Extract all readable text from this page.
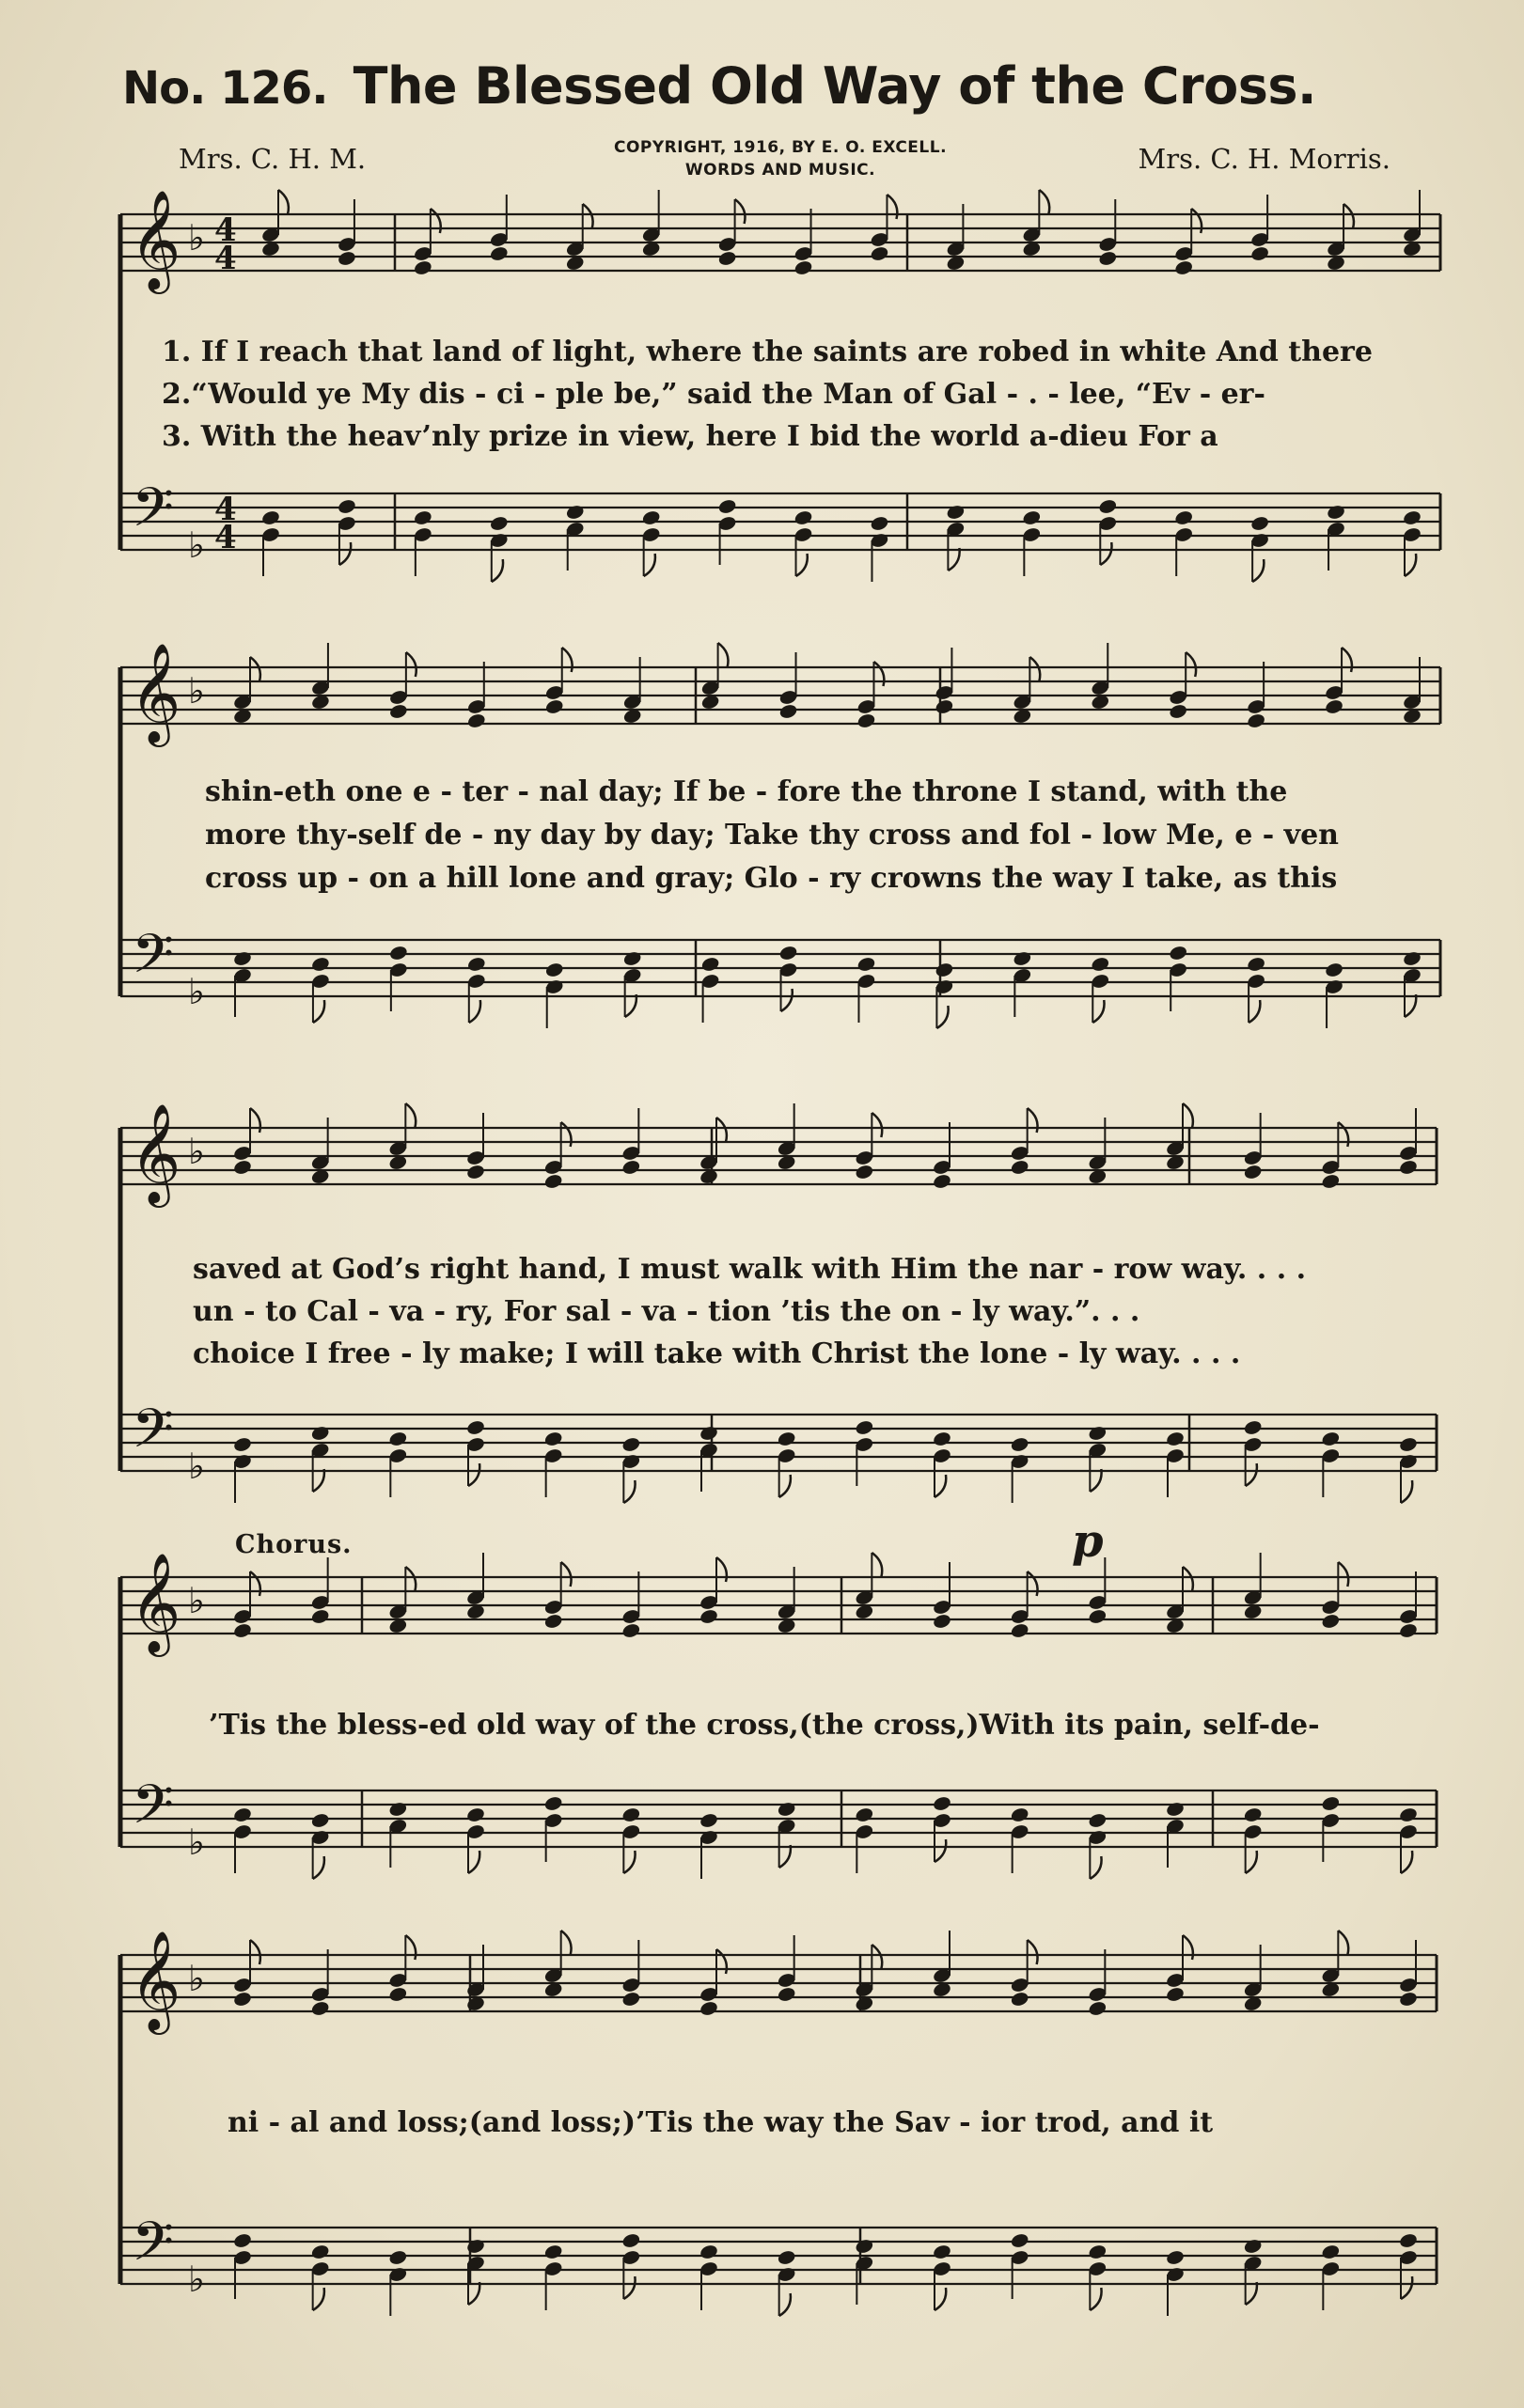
No. 126. The Blessed Old Way of the Cross.
Mrs. C. H. M.	COPYRIGHT, 1916, BY E. O. EXCELL.
WORDS AND MUSIC.	Mrs. C. H. Morris.
𝄞
𝄢
♭
♭
4
4
4
4
𝄞
𝄢
♭
♭
𝄞
𝄢
♭
♭
𝄞
𝄢
♭
♭
𝄞
𝄢
♭
♭
1. If I reach that land of light, where the saints are robed in white And there
2.“Would ye My dis - ci - ple be,” said the Man of Gal - . - lee, “Ev - er-
3. With the heav’nly prize in view, here I bid the world a-dieu For a
shin-eth one e - ter - nal day; If be - fore the throne I stand, with the
more thy-self de - ny day by day; Take thy cross and fol - low Me, e - ven
cross up - on a hill lone and gray; Glo - ry crowns the way I take, as this
saved at God’s right hand, I must walk with Him the nar - row way. . . .
un - to Cal - va - ry, For sal - va - tion ’tis the on - ly way.”. . .
choice I free - ly make; I will take with Christ the lone - ly way. . . .
Chorus.	p
’Tis the bless-ed old way of the cross,(the cross,)With its pain, self-de-
ni - al and loss;(and loss;)’Tis the way the Sav - ior trod, and it
